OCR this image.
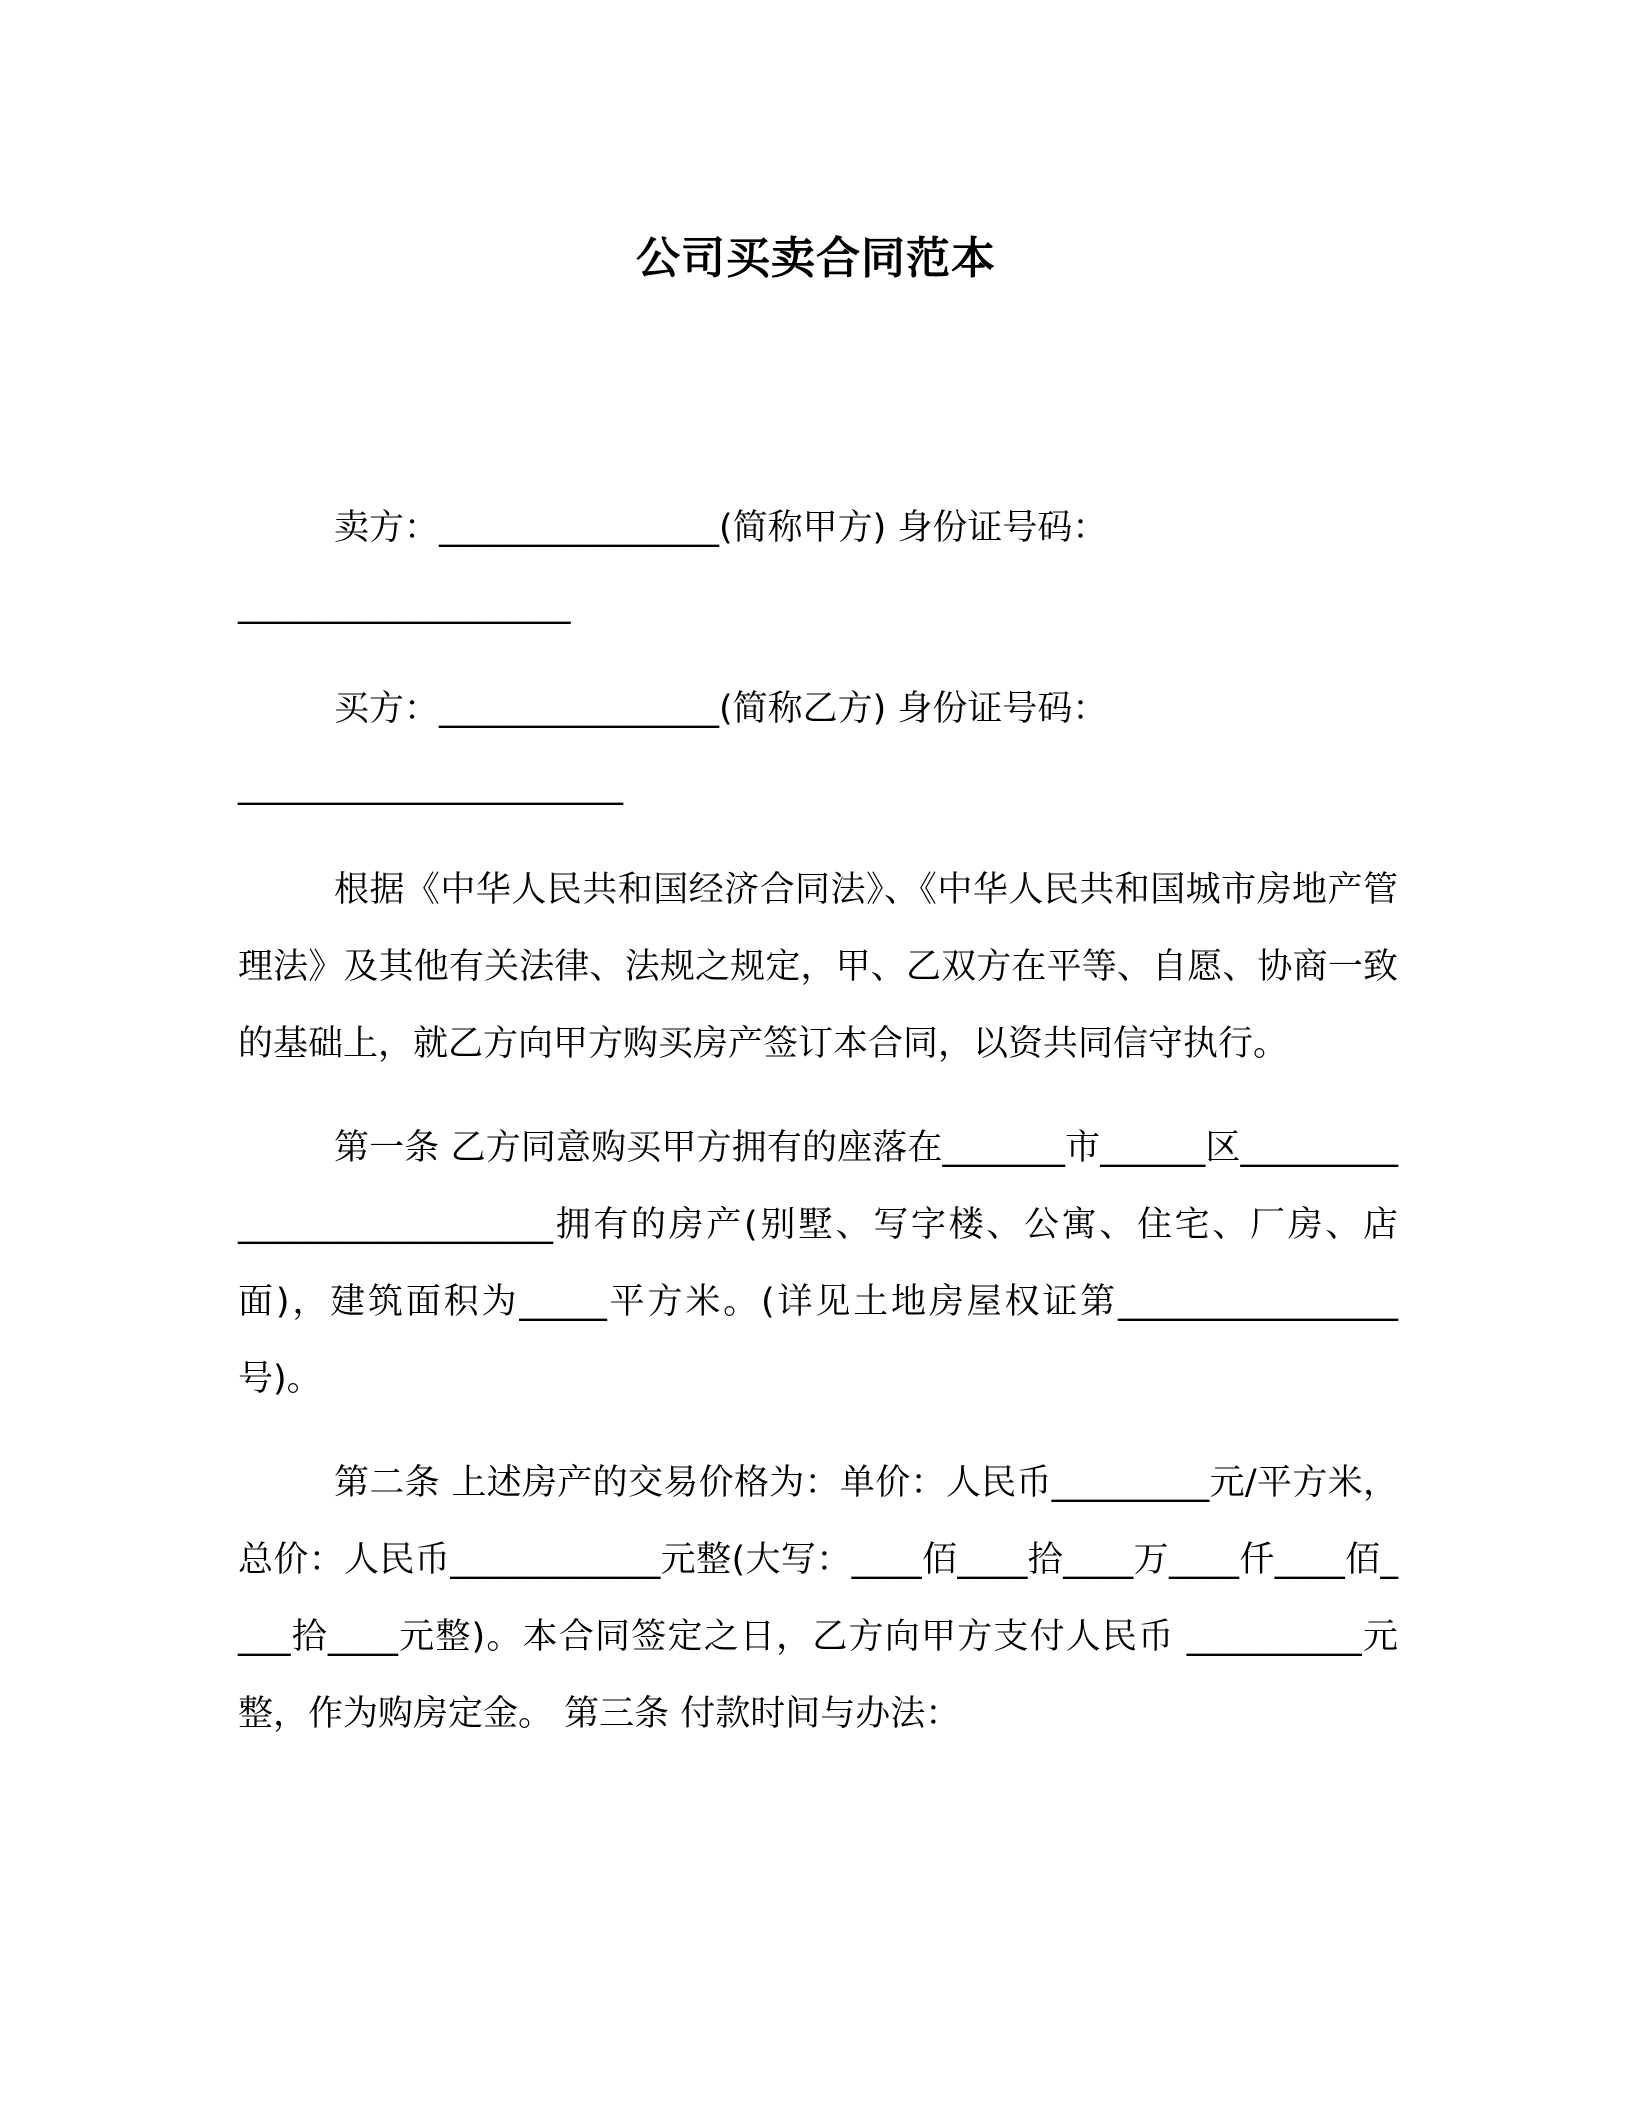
公司买卖合同范本

卖方：________________(简称甲方) 身份证号码：

___________________

买方：________________(简称乙方) 身份证号码：

______________________

根据《中华人民共和国经济合同法》、《中华人民共和国城市房地产管理法》及其他有关法律、法规之规定，甲、乙双方在平等、自愿、协商一致的基础上，就乙方向甲方购买房产签订本合同，以资共同信守执行。

第一条 乙方同意购买甲方拥有的座落在_______市______区___________________________拥有的房产(别墅、写字楼、公寓、住宅、厂房、店面)，建筑面积为_____平方米。(详见土地房屋权证第________________号)。

第二条 上述房产的交易价格为：单价：人民币_________元/平方米，总价：人民币____________元整(大写：____佰____拾____万____仟____佰____拾____元整)。本合同签定之日，乙方向甲方支付人民币 __________元整，作为购房定金。 第三条 付款时间与办法：
